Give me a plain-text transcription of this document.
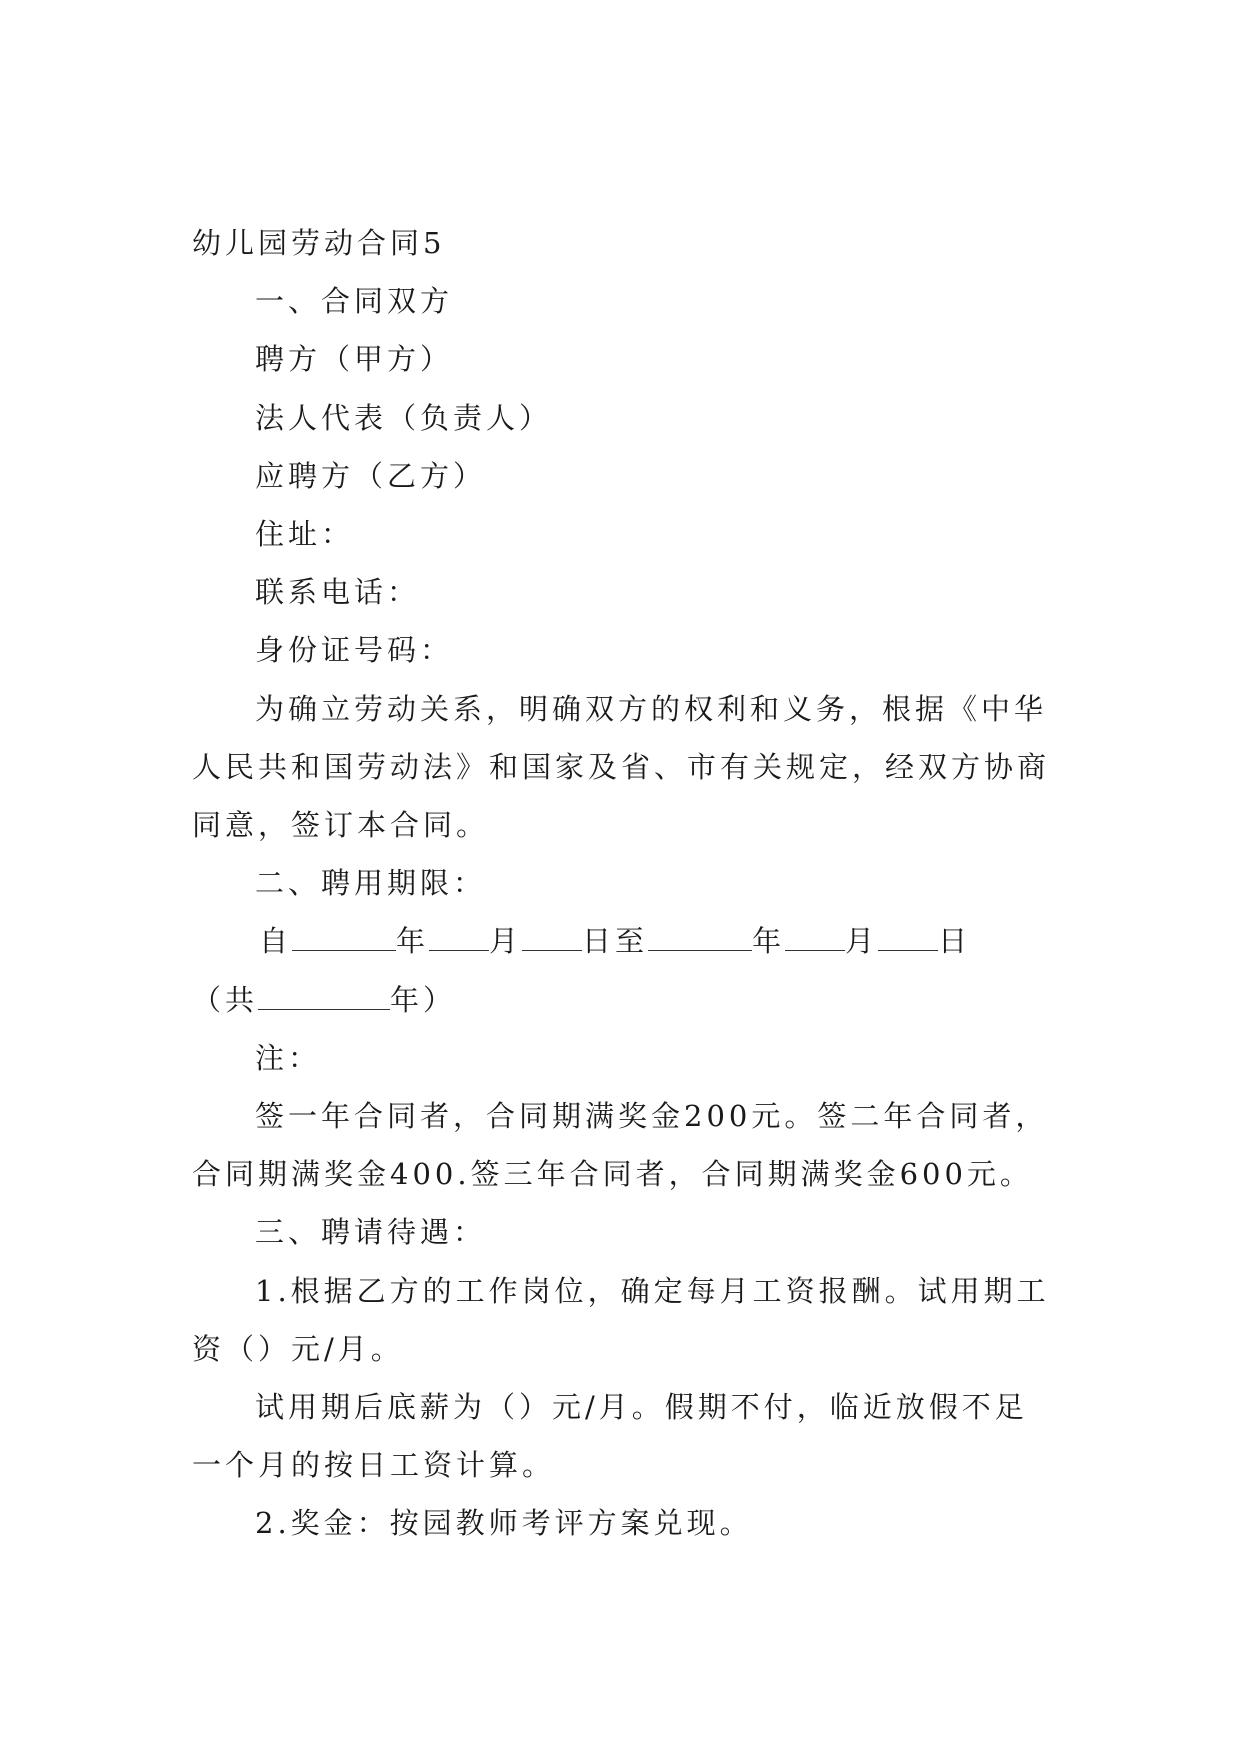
幼儿园劳动合同5

一、合同双方

聘方（甲方）

法人代表（负责人）

应聘方（乙方）

住址：

联系电话：

身份证号码：

为确立劳动关系，明确双方的权利和义务，根据《中华
人民共和国劳动法》和国家及省、市有关规定，经双方协商
同意，签订本合同。

二、聘用期限：

自	年 月 日至	年 月 日

（共	年）

注：

签一年合同者，合同期满奖金200元。签二年合同者，
合同期满奖金400.签三年合同者，合同期满奖金600元。

三、聘请待遇：

1.根据乙方的工作岗位，确定每月工资报酬。试用期工
资（）元/月。
试用期后底薪为（）元/月。假期不付，临近放假不足
一个月的按日工资计算。

2.奖金：按园教师考评方案兑现。
